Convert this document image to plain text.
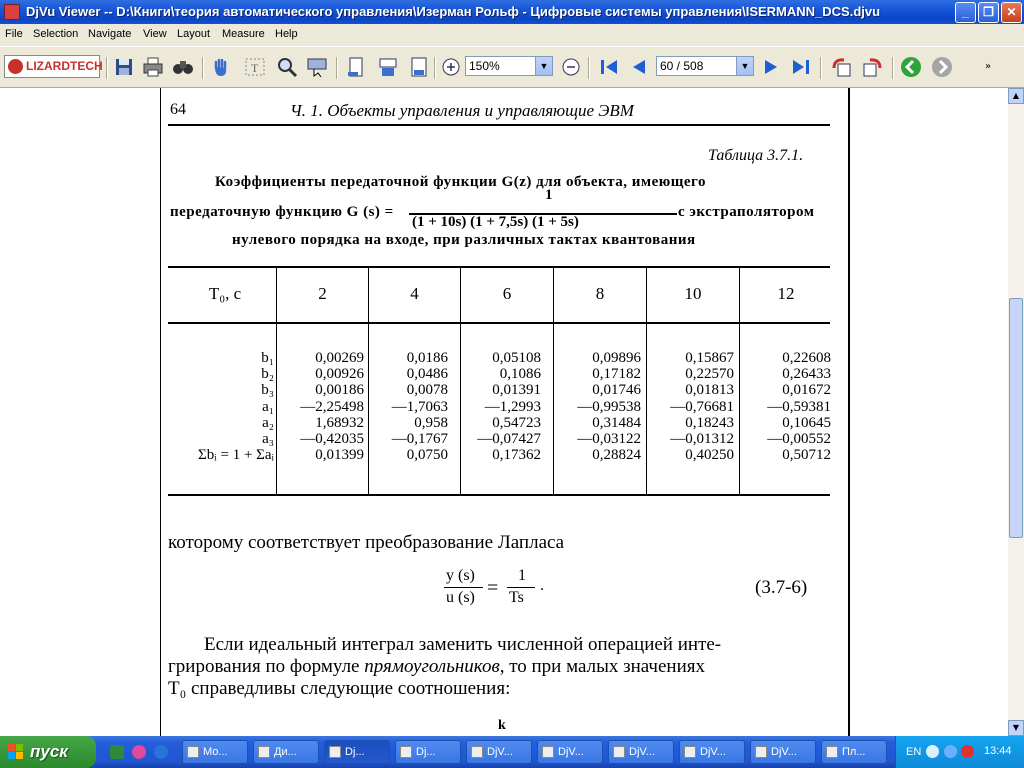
DjVu Viewer -- D:\Книги\теория автоматического управления\Изерман Рольф - Цифровые системы управления\ISERMANN_DCS.djvu	_	❐	✕
File Selection Navigate View Layout Measure Help
LIZARDTECH	T	150%	▼	60 / 508	▼	»
64	Ч. 1. Объекты управления и управляющие ЭВМ
Таблица 3.7.1.
Коэффициенты передаточной функции G(z) для объекта, имеющего
передаточную функцию G (s) =
1
(1 + 10s) (1 + 7,5s) (1 + 5s)
с экстраполятором
нулевого порядка на входе, при различных тактах квантования
T₀, с	2	4	6	8	10	12
b₁	0,00269	0,0186	0,05108	0,09896	0,15867	0,22608
b₂	0,00926	0,0486	0,1086	0,17182	0,22570	0,26433
b₃	0,00186	0,0078	0,01391	0,01746	0,01813	0,01672
a₁	—2,25498	—1,7063	—1,2993	—0,99538	—0,76681	—0,59381
a₂	1,68932	0,958	0,54723	0,31484	0,18243	0,10645
a₃	—0,42035	—0,1767	—0,07427	—0,03122	—0,01312	—0,00552
Σbᵢ = 1 + Σaᵢ	0,01399	0,0750	0,17362	0,28824	0,40250	0,50712
которому соответствует преобразование Лапласа
y (s)
u (s) =
1
Ts
.	(3.7-6)
Если идеальный интеграл заменить численной операцией инте-
грирования по формуле прямоугольников, то при малых значениях
T₀ справедливы следующие соотношения:
k
▲
▼
пуск	Мо...	Ди...	Dj...	Dj...	DjV...	DjV...	DjV...	DjV...	DjV...	Пл...	EN	13:44
